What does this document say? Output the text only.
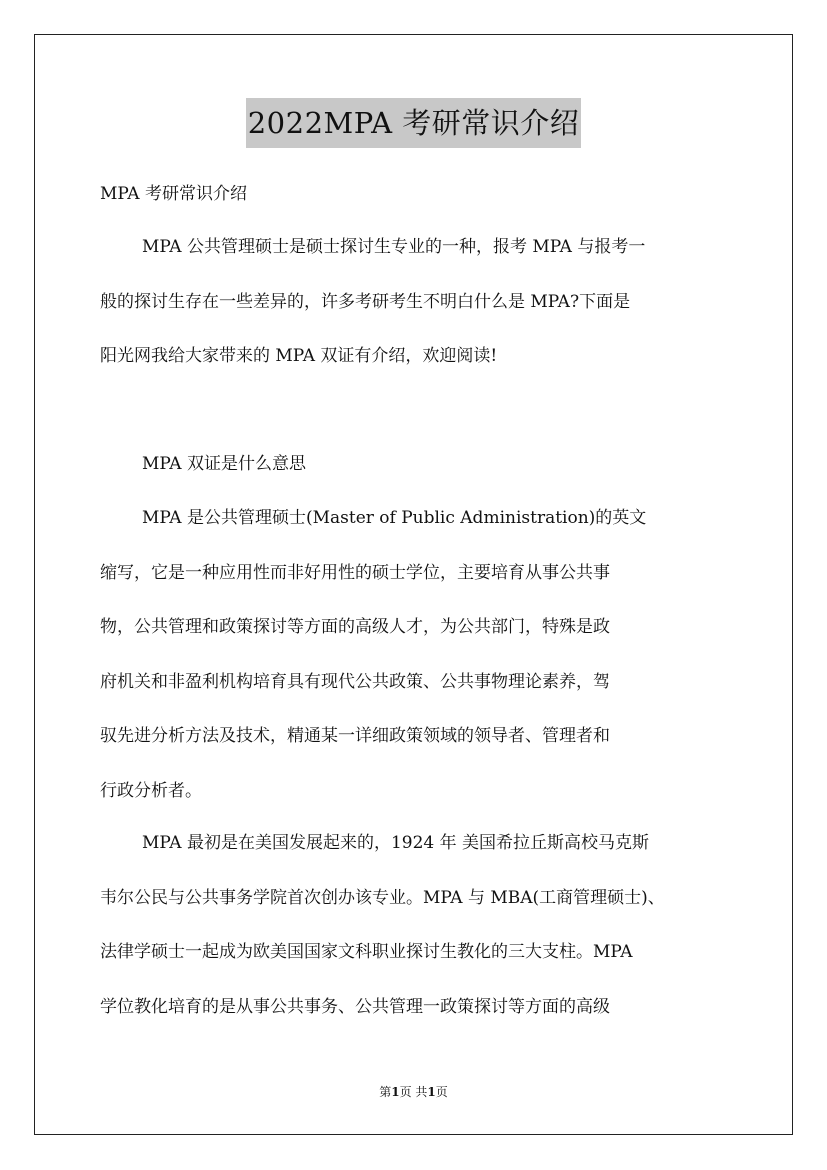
2022MPA 考研常识介绍
MPA 考研常识介绍
MPA 公共管理硕士是硕士探讨生专业的一种，报考 MPA 与报考一
般的探讨生存在一些差异的，许多考研考生不明白什么是 MPA?下面是
阳光网我给大家带来的 MPA 双证有介绍，欢迎阅读!
MPA 双证是什么意思
MPA 是公共管理硕士(Master of Public Administration)的英文
缩写，它是一种应用性而非好用性的硕士学位，主要培育从事公共事
物，公共管理和政策探讨等方面的高级人才，为公共部门，特殊是政
府机关和非盈利机构培育具有现代公共政策、公共事物理论素养，驾
驭先进分析方法及技术，精通某一详细政策领域的领导者、管理者和
行政分析者。
MPA 最初是在美国发展起来的，1924 年 美国希拉丘斯高校马克斯
韦尔公民与公共事务学院首次创办该专业。MPA 与 MBA(工商管理硕士)、
法律学硕士一起成为欧美国国家文科职业探讨生教化的三大支柱。MPA
学位教化培育的是从事公共事务、公共管理一政策探讨等方面的高级
第1页 共1页
